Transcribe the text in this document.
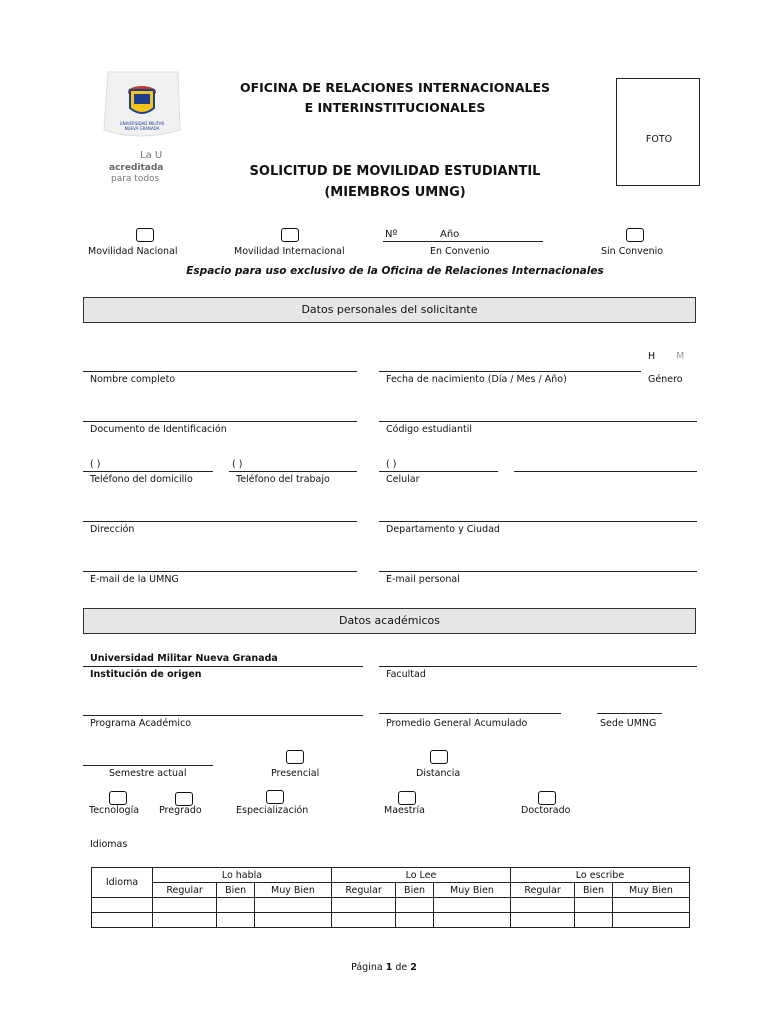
UNIVERSIDAD MILITAR
NUEVA GRANADA
La U
acreditada
para todos
OFICINA DE RELACIONES INTERNACIONALES
E INTERINSTITUCIONALES
SOLICITUD DE MOVILIDAD ESTUDIANTIL
(MIEMBROS UMNG)
FOTO
Movilidad Nacional	Movilidad Internacional
Nº	Año
En Convenio	Sin Convenio
Espacio para uso exclusivo de la Oficina de Relaciones Internacionales
Datos personales del solicitante
H M
Nombre completo	Fecha de nacimiento (Día / Mes / Año)	Género
Documento de Identificación	Código estudiantil
( )	( )	( )
Teléfono del domicilio	Teléfono del trabajo	Celular
Dirección	Departamento y Ciudad
E-mail de la UMNG	E-mail personal
Datos académicos
Universidad Militar Nueva Granada
Institución de origen	Facultad
Programa Académico	Promedio General Acumulado	Sede UMNG
Semestre actual	Presencial	Distancia
Tecnología Pregrado	Especialización	Maestría	Doctorado
Idiomas
Idioma	Lo habla			Lo Lee			Lo escribe		
	Regular	Bien	Muy Bien	Regular	Bien	Muy Bien	Regular	Bien	Muy Bien

Página 1 de 2
